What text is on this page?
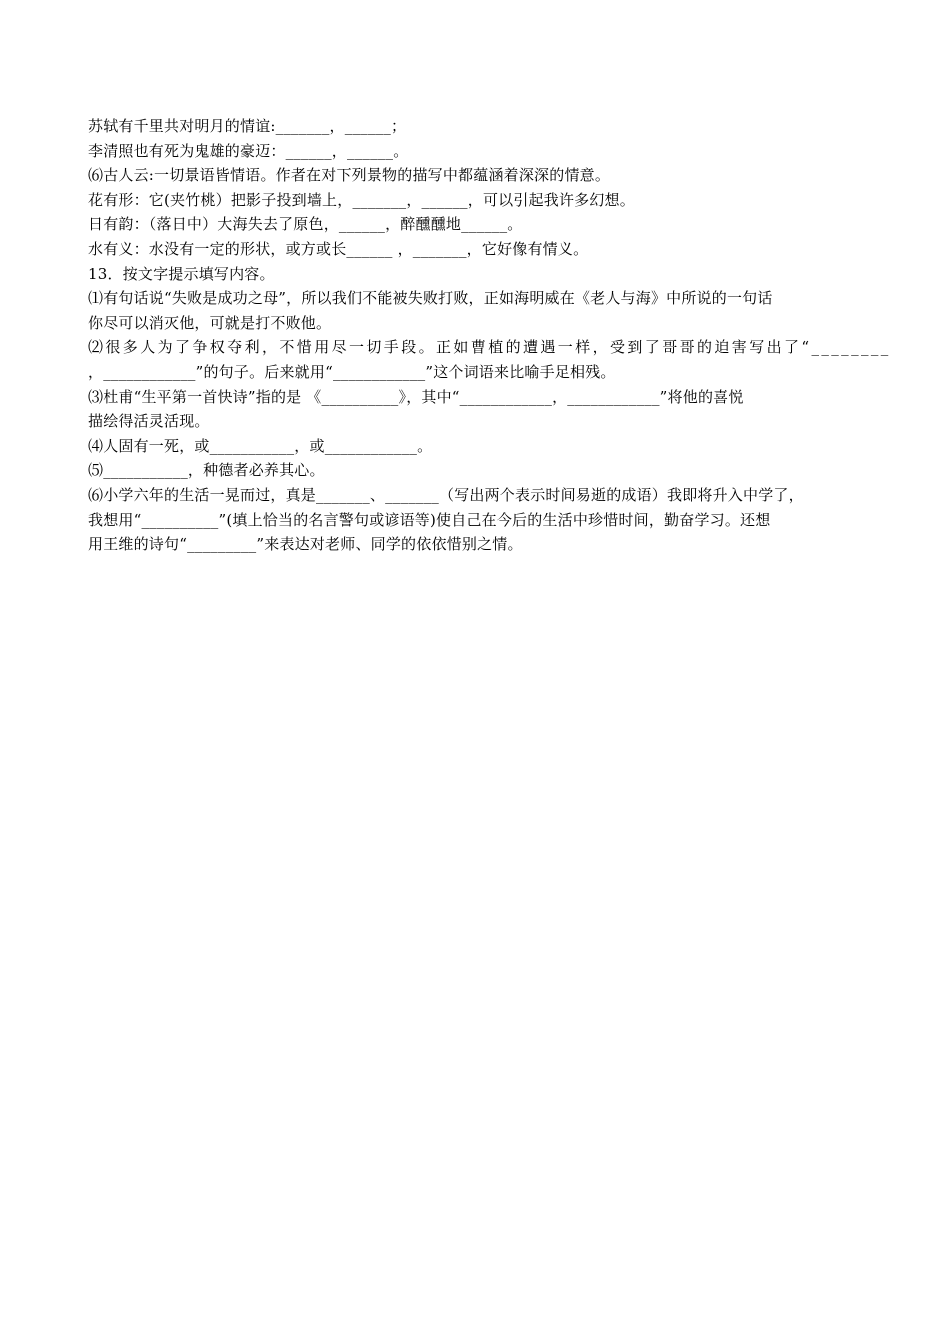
苏轼有千里共对明月的情谊:_______，______；
李清照也有死为鬼雄的豪迈：______，______。
⑹古人云:一切景语皆情语。作者在对下列景物的描写中都蕴涵着深深的情意。
花有形：它(夹竹桃）把影子投到墙上，_______，______，可以引起我许多幻想。
日有韵：（落日中）大海失去了原色，______，醉醺醺地______。
水有义：水没有一定的形状，或方或长______ ，_______，它好像有情义。
13．按文字提示填写内容。
⑴有句话说“失败是成功之母”，所以我们不能被失败打败，正如海明威在《老人与海》中所说的一句话
你尽可以消灭他，可就是打不败他。
⑵很多人为了争权夺利，不惜用尽一切手段。正如曹植的遭遇一样，受到了哥哥的迫害写出了“________
，____________”的句子。后来就用“____________”这个词语来比喻手足相残。
⑶杜甫“生平第一首快诗”指的是 《__________》，其中“____________，____________”将他的喜悦
描绘得活灵活现。
⑷人固有一死，或___________，或____________。
⑸___________，种德者必养其心。
⑹小学六年的生活一晃而过，真是_______、_______（写出两个表示时间易逝的成语）我即将升入中学了，
我想用“__________”(填上恰当的名言警句或谚语等)使自己在今后的生活中珍惜时间，勤奋学习。还想
用王维的诗句“_________”来表达对老师、同学的依依惜别之情。
